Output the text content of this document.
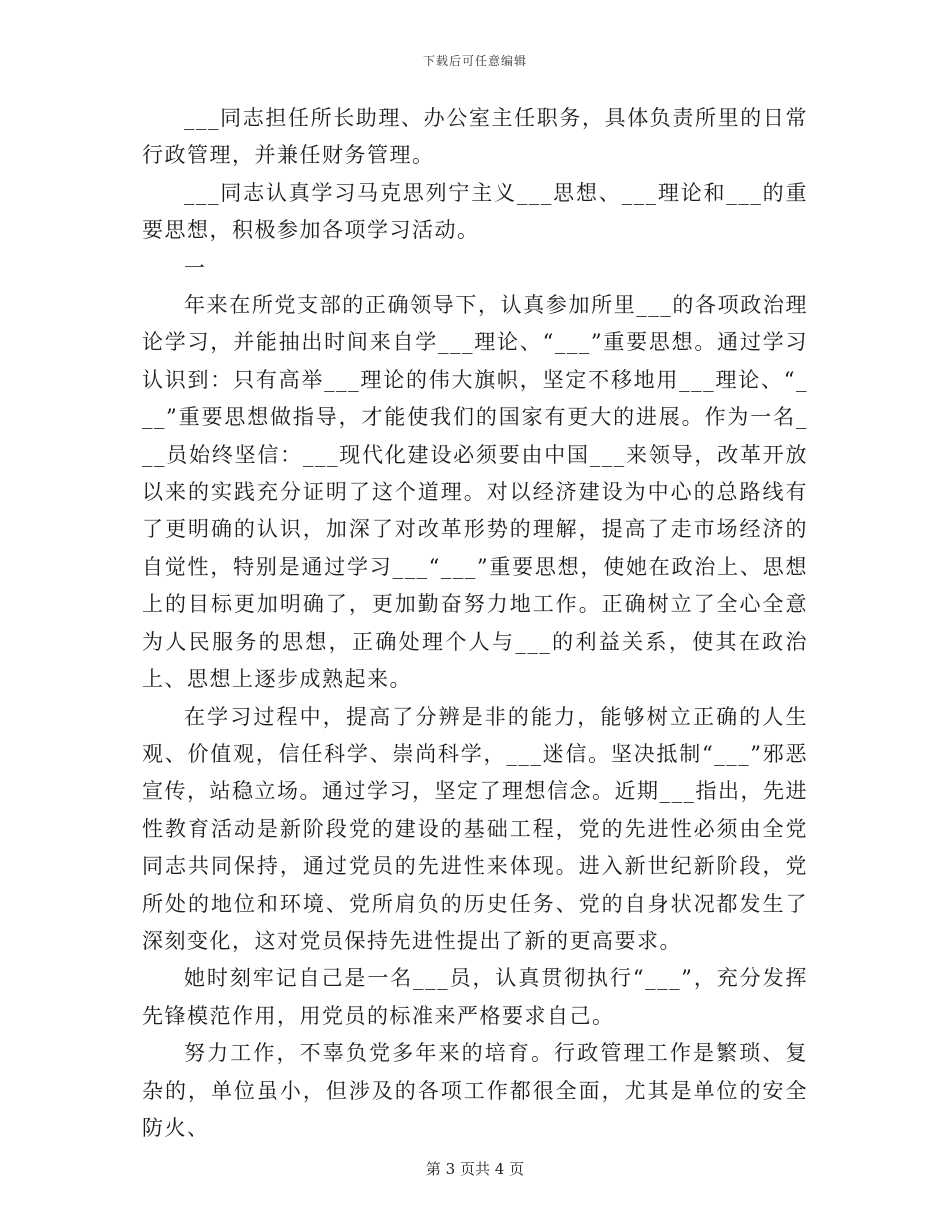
下载后可任意编辑

___同志担任所长助理、办公室主任职务，具体负责所里的日常行政管理，并兼任财务管理。

___同志认真学习马克思列宁主义___思想、___理论和___的重要思想，积极参加各项学习活动。

一

年来在所党支部的正确领导下，认真参加所里___的各项政治理论学习，并能抽出时间来自学___理论、“___”重要思想。通过学习认识到：只有高举___理论的伟大旗帜，坚定不移地用___理论、“___”重要思想做指导，才能使我们的国家有更大的进展。作为一名___员始终坚信：___现代化建设必须要由中国___来领导，改革开放以来的实践充分证明了这个道理。对以经济建设为中心的总路线有了更明确的认识，加深了对改革形势的理解，提高了走市场经济的自觉性，特别是通过学习___“___”重要思想，使她在政治上、思想上的目标更加明确了，更加勤奋努力地工作。正确树立了全心全意为人民服务的思想，正确处理个人与___的利益关系，使其在政治上、思想上逐步成熟起来。

在学习过程中，提高了分辨是非的能力，能够树立正确的人生观、价值观，信任科学、崇尚科学，___迷信。坚决抵制“___”邪恶宣传，站稳立场。通过学习，坚定了理想信念。近期___指出，先进性教育活动是新阶段党的建设的基础工程，党的先进性必须由全党同志共同保持，通过党员的先进性来体现。进入新世纪新阶段，党所处的地位和环境、党所肩负的历史任务、党的自身状况都发生了深刻变化，这对党员保持先进性提出了新的更高要求。

她时刻牢记自己是一名___员，认真贯彻执行“___”，充分发挥先锋模范作用，用党员的标准来严格要求自己。

努力工作，不辜负党多年来的培育。行政管理工作是繁琐、复杂的，单位虽小，但涉及的各项工作都很全面，尤其是单位的安全防火、

第 3 页共 4 页
